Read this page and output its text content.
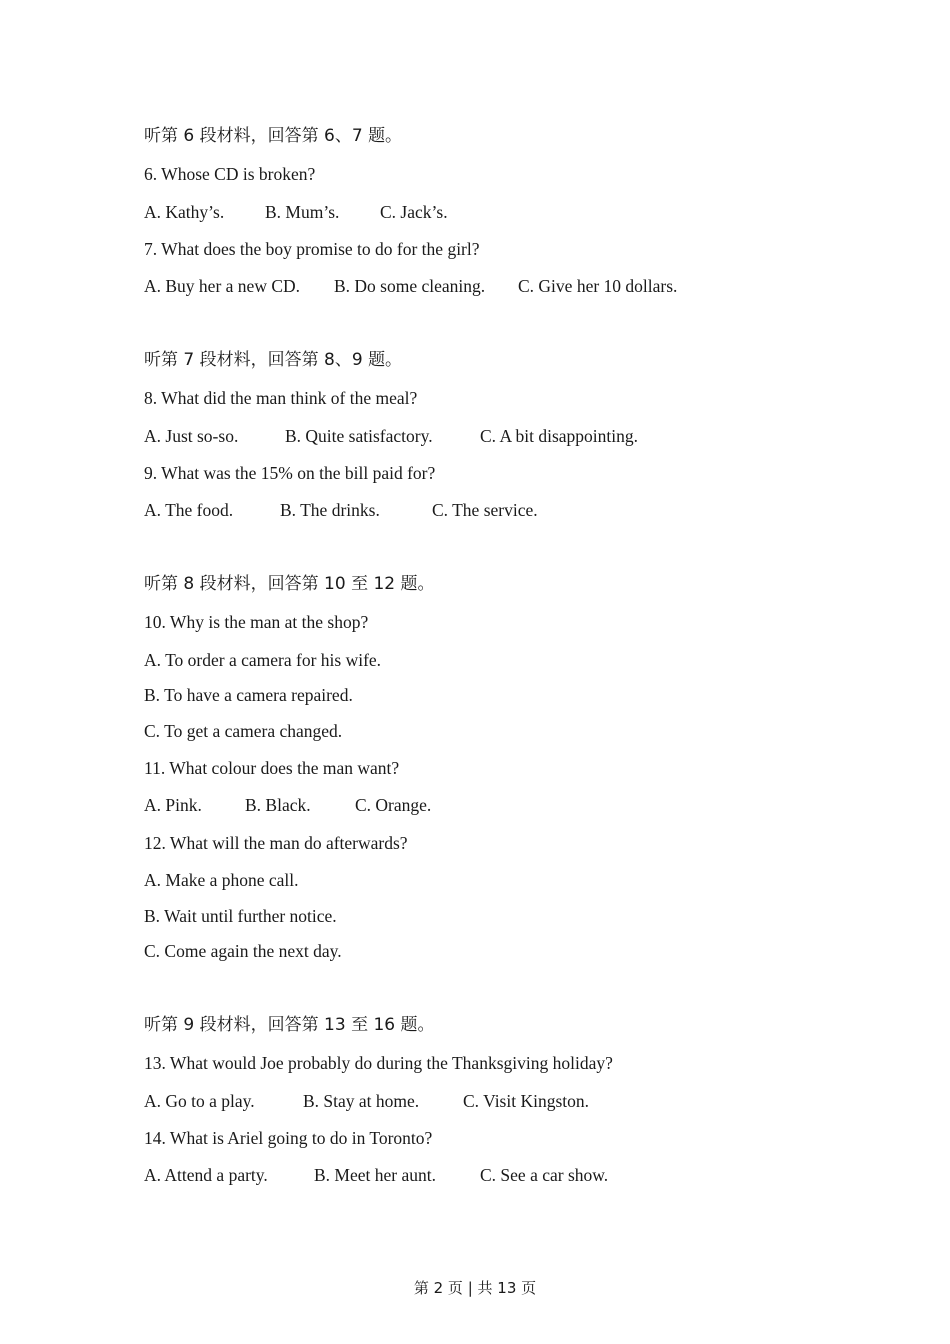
听第 6 段材料，回答第 6、7 题。
6. Whose CD is broken?
A. Kathy’s. B. Mum’s. C. Jack’s.
7. What does the boy promise to do for the girl?
A. Buy her a new CD. B. Do some cleaning. C. Give her 10 dollars.
听第 7 段材料，回答第 8、9 题。
8. What did the man think of the meal?
A. Just so-so.	B. Quite satisfactory.	C. A bit disappointing.
9. What was the 15% on the bill paid for?
A. The food.	B. The drinks.	C. The service.
听第 8 段材料，回答第 10 至 12 题。
10. Why is the man at the shop?
A. To order a camera for his wife.
B. To have a camera repaired.
C. To get a camera changed.
11. What colour does the man want?
A. Pink. B. Black.	C. Orange.
12. What will the man do afterwards?
A. Make a phone call.
B. Wait until further notice.
C. Come again the next day.
听第 9 段材料，回答第 13 至 16 题。
13. What would Joe probably do during the Thanksgiving holiday?
A. Go to a play.	B. Stay at home.	C. Visit Kingston.
14. What is Ariel going to do in Toronto?
A. Attend a party.	B. Meet her aunt.	C. See a car show.
第 2 页 | 共 13 页
